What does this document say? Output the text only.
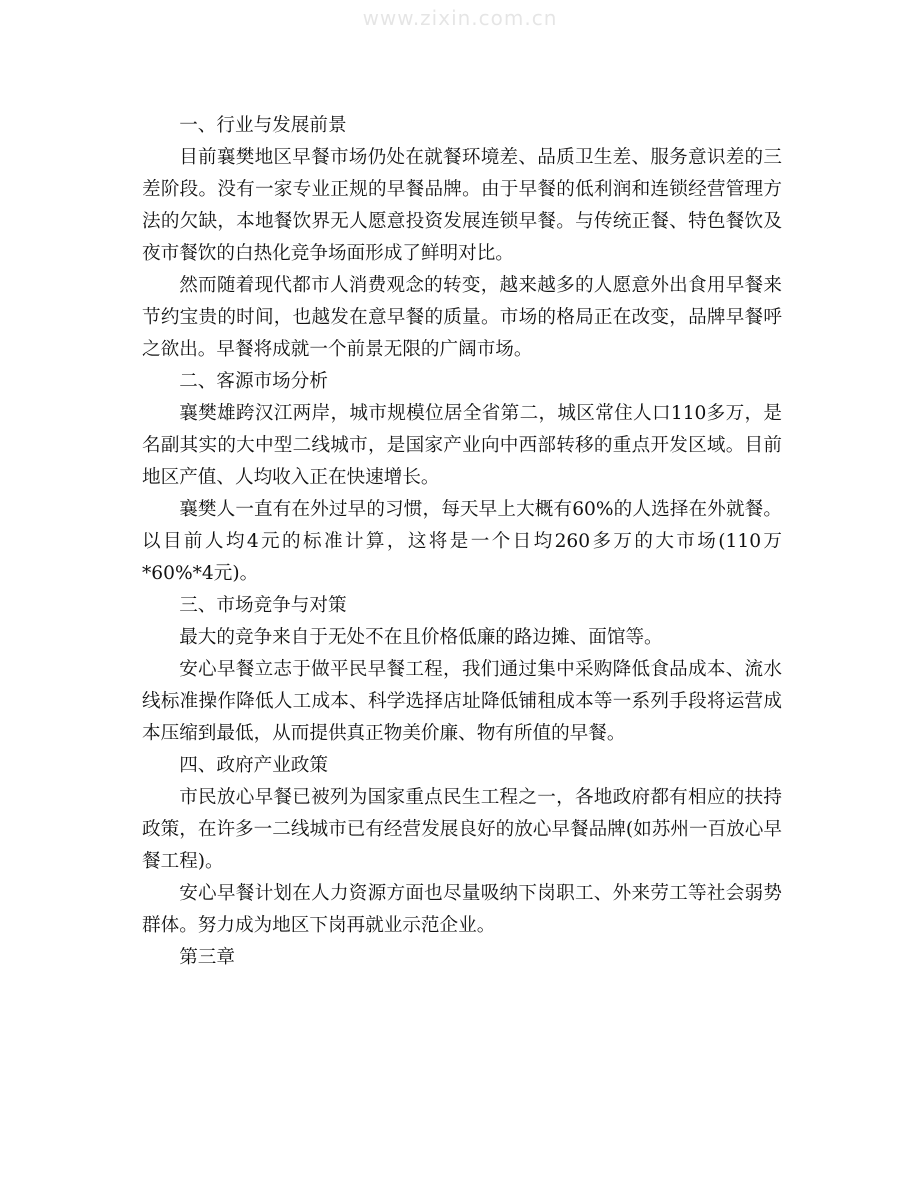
www.zixin.com.cn

一、行业与发展前景

目前襄樊地区早餐市场仍处在就餐环境差、品质卫生差、服务意识差的三差阶段。没有一家专业正规的早餐品牌。由于早餐的低利润和连锁经营管理方法的欠缺，本地餐饮界无人愿意投资发展连锁早餐。与传统正餐、特色餐饮及夜市餐饮的白热化竞争场面形成了鲜明对比。

然而随着现代都市人消费观念的转变，越来越多的人愿意外出食用早餐来节约宝贵的时间，也越发在意早餐的质量。市场的格局正在改变，品牌早餐呼之欲出。早餐将成就一个前景无限的广阔市场。

二、客源市场分析

襄樊雄跨汉江两岸，城市规模位居全省第二，城区常住人口110多万，是名副其实的大中型二线城市，是国家产业向中西部转移的重点开发区域。目前地区产值、人均收入正在快速增长。

襄樊人一直有在外过早的习惯，每天早上大概有60%的人选择在外就餐。以目前人均4元的标准计算，这将是一个日均260多万的大市场(110万*60%*4元)。

三、市场竞争与对策

最大的竞争来自于无处不在且价格低廉的路边摊、面馆等。

安心早餐立志于做平民早餐工程，我们通过集中采购降低食品成本、流水线标准操作降低人工成本、科学选择店址降低铺租成本等一系列手段将运营成本压缩到最低，从而提供真正物美价廉、物有所值的早餐。

四、政府产业政策

市民放心早餐已被列为国家重点民生工程之一，各地政府都有相应的扶持政策，在许多一二线城市已有经营发展良好的放心早餐品牌(如苏州一百放心早餐工程)。

安心早餐计划在人力资源方面也尽量吸纳下岗职工、外来劳工等社会弱势群体。努力成为地区下岗再就业示范企业。

第三章
